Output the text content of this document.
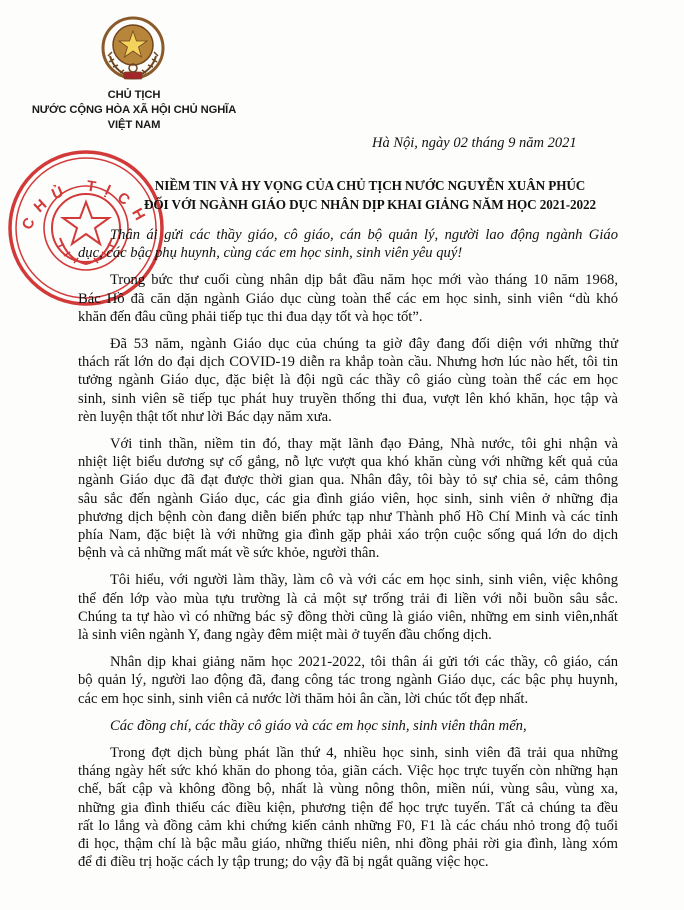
CHỦ TỊCH
NƯỚC CỘNG HÒA XÃ HỘI CHỦ NGHĨA
VIỆT NAM
CHỦ TỊCH
Hà Nội, ngày 02 tháng 9 năm 2021
NIỀM TIN VÀ HY VỌNG CỦA CHỦ TỊCH NƯỚC NGUYỄN XUÂN PHÚC
ĐỐI VỚI NGÀNH GIÁO DỤC NHÂN DỊP KHAI GIẢNG NĂM HỌC 2021-2022
Thân ái gửi các thầy giáo, cô giáo, cán bộ quản lý, người lao động ngành Giáo
dục, các bậc phụ huynh, cùng các em học sinh, sinh viên yêu quý!
Trong bức thư cuối cùng nhân dịp bắt đầu năm học mới vào tháng 10 năm 1968,
Bác Hồ đã căn dặn ngành Giáo dục cùng toàn thể các em học sinh, sinh viên “dù khó
khăn đến đâu cũng phải tiếp tục thi đua dạy tốt và học tốt”.
Đã 53 năm, ngành Giáo dục của chúng ta giờ đây đang đối diện với những thử
thách rất lớn do đại dịch COVID-19 diễn ra khắp toàn cầu. Nhưng hơn lúc nào hết, tôi tin
tưởng ngành Giáo dục, đặc biệt là đội ngũ các thầy cô giáo cùng toàn thể các em học
sinh, sinh viên sẽ tiếp tục phát huy truyền thống thi đua, vượt lên khó khăn, học tập và
rèn luyện thật tốt như lời Bác dạy năm xưa.
Với tinh thần, niềm tin đó, thay mặt lãnh đạo Đảng, Nhà nước, tôi ghi nhận và
nhiệt liệt biểu dương sự cố gắng, nỗ lực vượt qua khó khăn cùng với những kết quả của
ngành Giáo dục đã đạt được thời gian qua. Nhân đây, tôi bày tỏ sự chia sẻ, cảm thông
sâu sắc đến ngành Giáo dục, các gia đình giáo viên, học sinh, sinh viên ở những địa
phương dịch bệnh còn đang diễn biến phức tạp như Thành phố Hồ Chí Minh và các tỉnh
phía Nam, đặc biệt là với những gia đình gặp phải xáo trộn cuộc sống quá lớn do dịch
bệnh và cả những mất mát về sức khỏe, người thân.
Tôi hiểu, với người làm thầy, làm cô và với các em học sinh, sinh viên, việc không
thể đến lớp vào mùa tựu trường là cả một sự trống trải đi liền với nỗi buồn sâu sắc.
Chúng ta tự hào vì có những bác sỹ đồng thời cũng là giáo viên, những em sinh viên,nhất
là sinh viên ngành Y, đang ngày đêm miệt mài ở tuyến đầu chống dịch.
Nhân dịp khai giảng năm học 2021-2022, tôi thân ái gửi tới các thầy, cô giáo, cán
bộ quản lý, người lao động đã, đang công tác trong ngành Giáo dục, các bậc phụ huynh,
các em học sinh, sinh viên cả nước lời thăm hỏi ân cần, lời chúc tốt đẹp nhất.
Các đồng chí, các thầy cô giáo và các em học sinh, sinh viên thân mến,
Trong đợt dịch bùng phát lần thứ 4, nhiều học sinh, sinh viên đã trải qua những
tháng ngày hết sức khó khăn do phong tỏa, giãn cách. Việc học trực tuyến còn những hạn
chế, bất cập và không đồng bộ, nhất là vùng nông thôn, miền núi, vùng sâu, vùng xa,
những gia đình thiếu các điều kiện, phương tiện để học trực tuyến. Tất cả chúng ta đều
rất lo lắng và đồng cảm khi chứng kiến cảnh những F0, F1 là các cháu nhỏ trong độ tuổi
đi học, thậm chí là bậc mẫu giáo, những thiếu niên, nhi đồng phải rời gia đình, làng xóm
để đi điều trị hoặc cách ly tập trung; do vậy đã bị ngắt quãng việc học.
